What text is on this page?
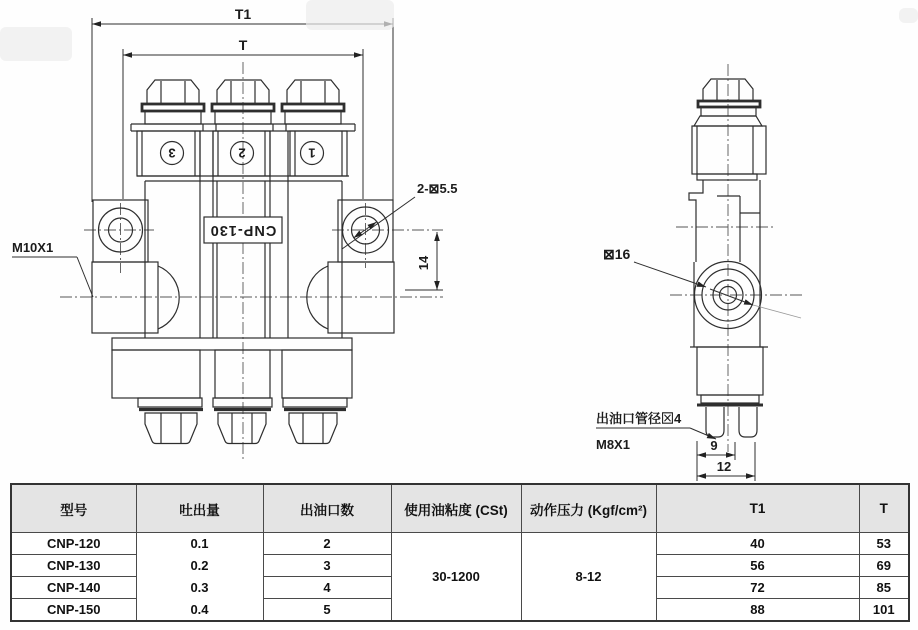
T1
T
3	2	1
CNP-130
M10X1
2-⊠5.5
14
⊠16
出油口管径⊠4
M8X1	9
12
型号	吐出量	出油口数	使用油粘度 (CSt)	动作压力 (Kgf/cm²)	T1	T
CNP-120	0.1	2	30-1200	8-12	40	53
CNP-130	0.2	3			56	69
CNP-140	0.3	4			72	85
CNP-150	0.4	5			88	101
